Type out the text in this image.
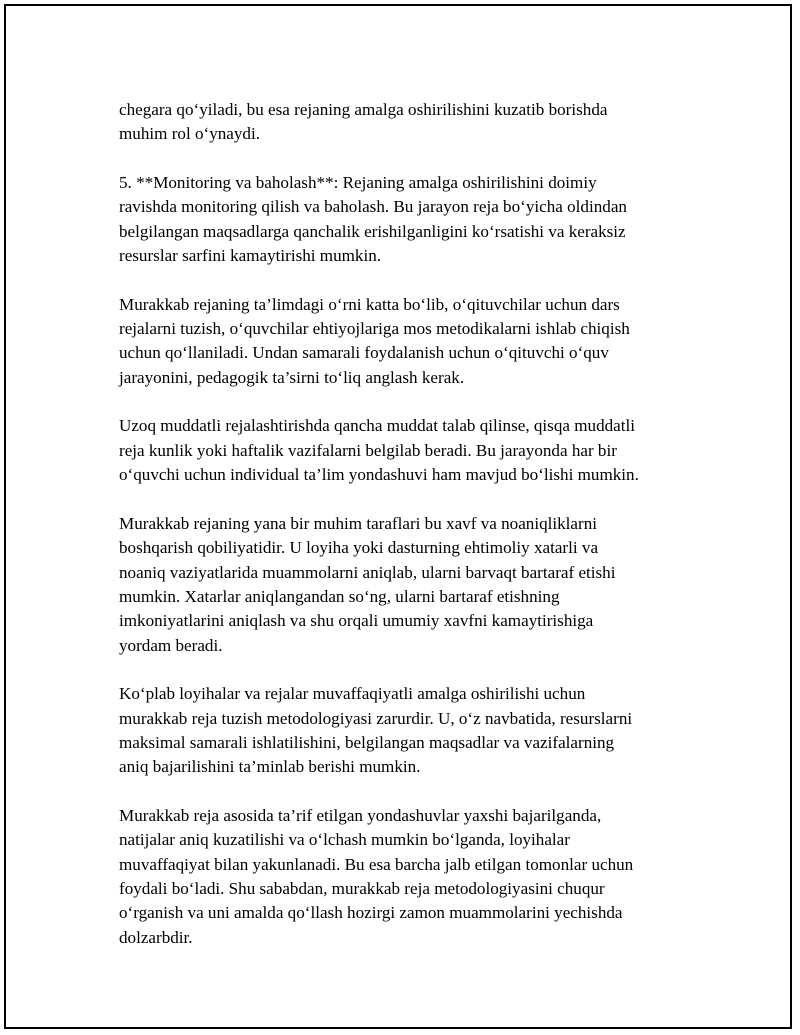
chegara qo‘yiladi, bu esa rejaning amalga oshirilishini kuzatib borishda
muhim rol o‘ynaydi.

5. **Monitoring va baholash**: Rejaning amalga oshirilishini doimiy
ravishda monitoring qilish va baholash. Bu jarayon reja bo‘yicha oldindan
belgilangan maqsadlarga qanchalik erishilganligini ko‘rsatishi va keraksiz
resurslar sarfini kamaytirishi mumkin.

Murakkab rejaning ta’limdagi o‘rni katta bo‘lib, o‘qituvchilar uchun dars
rejalarni tuzish, o‘quvchilar ehtiyojlariga mos metodikalarni ishlab chiqish
uchun qo‘llaniladi. Undan samarali foydalanish uchun o‘qituvchi o‘quv
jarayonini, pedagogik ta’sirni to‘liq anglash kerak.

Uzoq muddatli rejalashtirishda qancha muddat talab qilinse, qisqa muddatli
reja kunlik yoki haftalik vazifalarni belgilab beradi. Bu jarayonda har bir
o‘quvchi uchun individual ta’lim yondashuvi ham mavjud bo‘lishi mumkin.

Murakkab rejaning yana bir muhim taraflari bu xavf va noaniqliklarni
boshqarish qobiliyatidir. U loyiha yoki dasturning ehtimoliy xatarli va
noaniq vaziyatlarida muammolarni aniqlab, ularni barvaqt bartaraf etishi
mumkin. Xatarlar aniqlangandan so‘ng, ularni bartaraf etishning
imkoniyatlarini aniqlash va shu orqali umumiy xavfni kamaytirishiga
yordam beradi.

Ko‘plab loyihalar va rejalar muvaffaqiyatli amalga oshirilishi uchun
murakkab reja tuzish metodologiyasi zarurdir. U, o‘z navbatida, resurslarni
maksimal samarali ishlatilishini, belgilangan maqsadlar va vazifalarning
aniq bajarilishini ta’minlab berishi mumkin.

Murakkab reja asosida ta’rif etilgan yondashuvlar yaxshi bajarilganda,
natijalar aniq kuzatilishi va o‘lchash mumkin bo‘lganda, loyihalar
muvaffaqiyat bilan yakunlanadi. Bu esa barcha jalb etilgan tomonlar uchun
foydali bo‘ladi. Shu sababdan, murakkab reja metodologiyasini chuqur
o‘rganish va uni amalda qo‘llash hozirgi zamon muammolarini yechishda
dolzarbdir.
